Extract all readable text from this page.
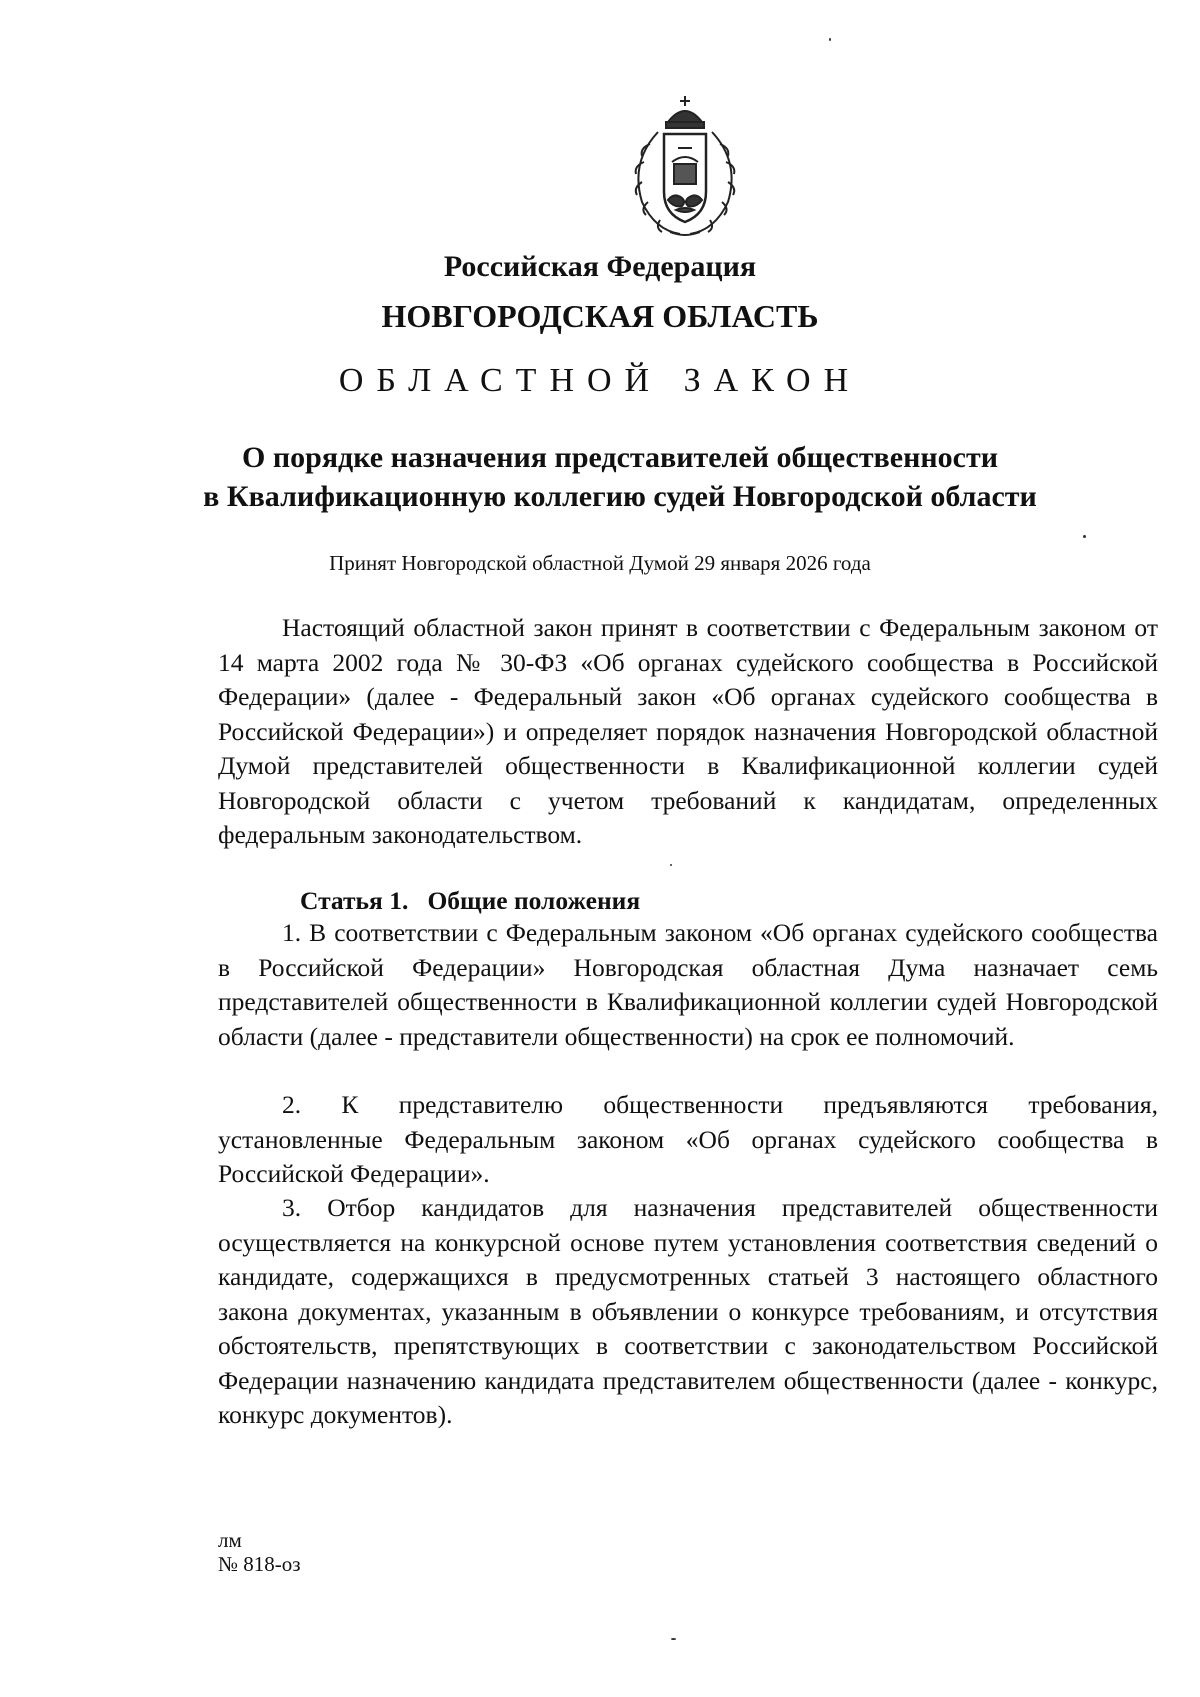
Российская Федерация
НОВГОРОДСКАЯ ОБЛАСТЬ
ОБЛАСТНОЙ ЗАКОН
О порядке назначения представителей общественности
в Квалификационную коллегию судей Новгородской области
Принят Новгородской областной Думой 29 января 2026 года

Настоящий областной закон принят в соответствии с Федеральным законом от 14 марта 2002 года № 30-ФЗ «Об органах судейского сообщества в Российской Федерации» (далее - Федеральный закон «Об органах судейского сообщества в Российской Федерации») и определяет порядок назначения Новгородской областной Думой представителей общественности в Квалификационной коллегии судей Новгородской области с учетом требований к кандидатам, определенных федеральным законодательством.

Статья 1. Общие положения

1. В соответствии с Федеральным законом «Об органах судейского сообщества в Российской Федерации» Новгородская областная Дума назначает семь представителей общественности в Квалификационной коллегии судей Новгородской области (далее - представители общественности) на срок ее полномочий.

2. К представителю общественности предъявляются требования, установленные Федеральным законом «Об органах судейского сообщества в Российской Федерации».

3. Отбор кандидатов для назначения представителей общественности осуществляется на конкурсной основе путем установления соответствия сведений о кандидате, содержащихся в предусмотренных статьей 3 настоящего областного закона документах, указанным в объявлении о конкурсе требованиям, и отсутствия обстоятельств, препятствующих в соответствии с законодательством Российской Федерации назначению кандидата представителем общественности (далее - конкурс, конкурс документов).

лм
№ 818-оз
